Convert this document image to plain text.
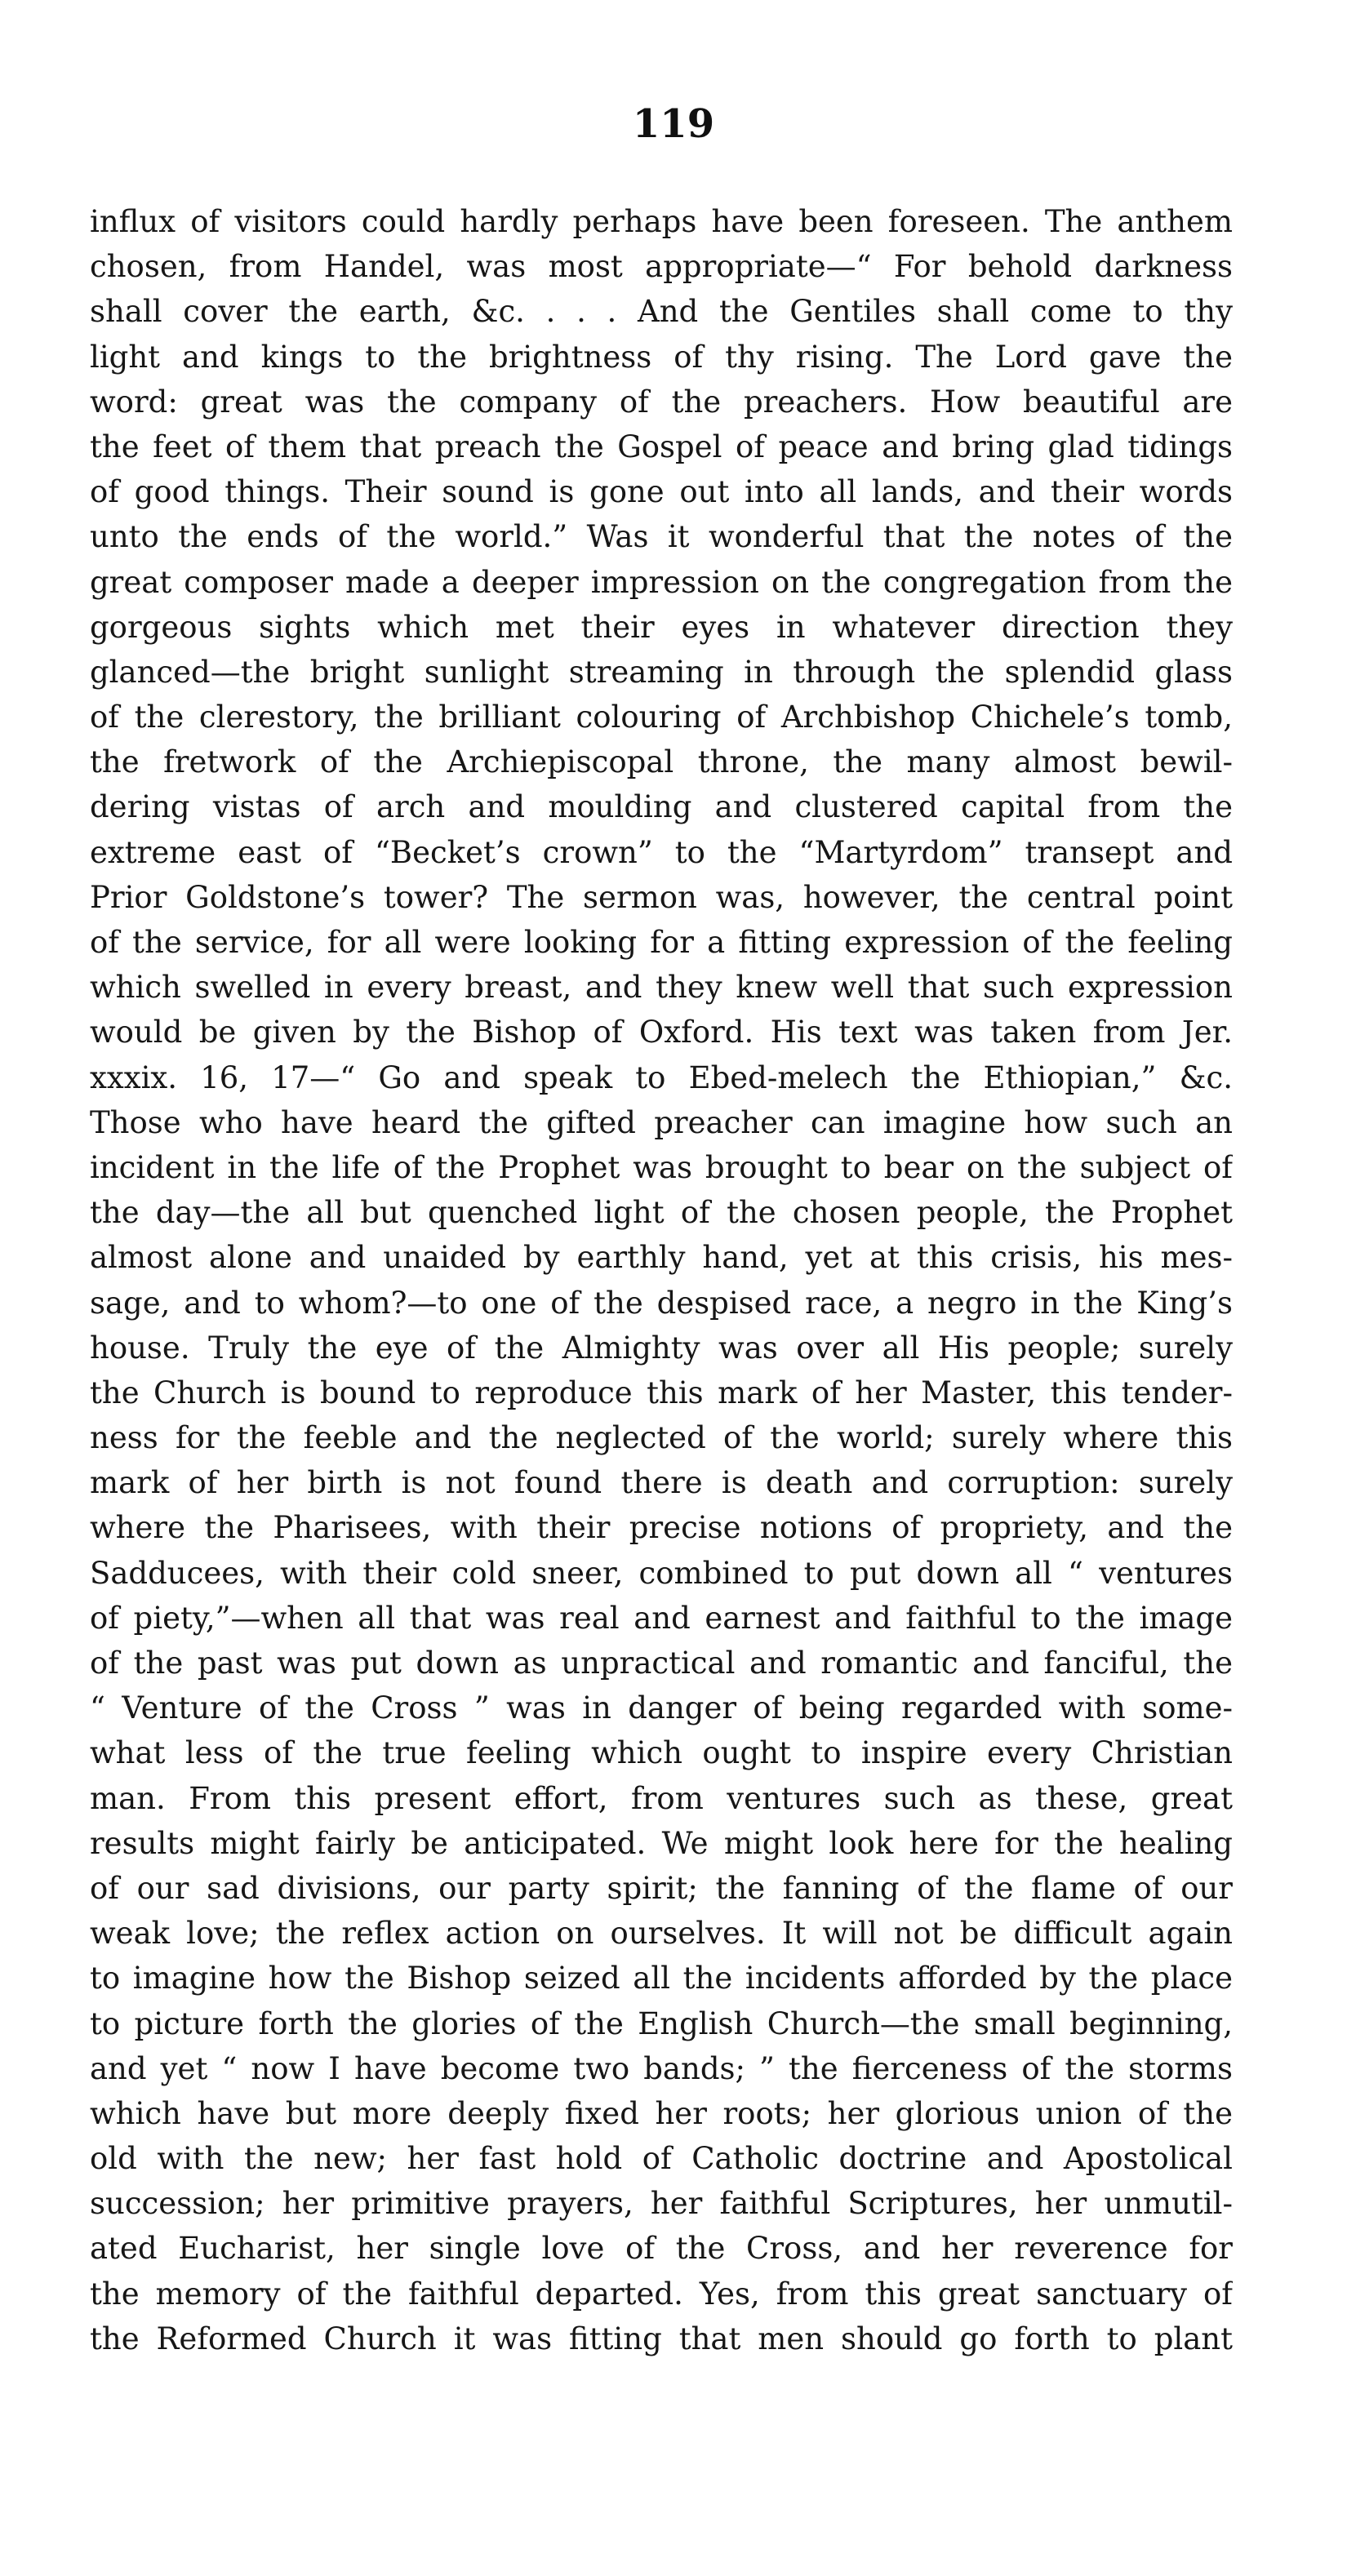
119
influx of visitors could hardly perhaps have been foreseen. The anthem
chosen, from Handel, was most appropriate—“ For behold darkness
shall cover the earth, &c. . . . And the Gentiles shall come to thy
light and kings to the brightness of thy rising. The Lord gave the
word: great was the company of the preachers. How beautiful are
the feet of them that preach the Gospel of peace and bring glad tidings
of good things. Their sound is gone out into all lands, and their words
unto the ends of the world.” Was it wonderful that the notes of the
great composer made a deeper impression on the congregation from the
gorgeous sights which met their eyes in whatever direction they
glanced—the bright sunlight streaming in through the splendid glass
of the clerestory, the brilliant colouring of Archbishop Chichele’s tomb,
the fretwork of the Archiepiscopal throne, the many almost bewil-
dering vistas of arch and moulding and clustered capital from the
extreme east of “Becket’s crown” to the “Martyrdom” transept and
Prior Goldstone’s tower? The sermon was, however, the central point
of the service, for all were looking for a fitting expression of the feeling
which swelled in every breast, and they knew well that such expression
would be given by the Bishop of Oxford. His text was taken from Jer.
xxxix. 16, 17—“ Go and speak to Ebed-melech the Ethiopian,” &c.
Those who have heard the gifted preacher can imagine how such an
incident in the life of the Prophet was brought to bear on the subject of
the day—the all but quenched light of the chosen people, the Prophet
almost alone and unaided by earthly hand, yet at this crisis, his mes-
sage, and to whom?—to one of the despised race, a negro in the King’s
house. Truly the eye of the Almighty was over all His people; surely
the Church is bound to reproduce this mark of her Master, this tender-
ness for the feeble and the neglected of the world; surely where this
mark of her birth is not found there is death and corruption: surely
where the Pharisees, with their precise notions of propriety, and the
Sadducees, with their cold sneer, combined to put down all “ ventures
of piety,”—when all that was real and earnest and faithful to the image
of the past was put down as unpractical and romantic and fanciful, the
“ Venture of the Cross ” was in danger of being regarded with some-
what less of the true feeling which ought to inspire every Christian
man. From this present effort, from ventures such as these, great
results might fairly be anticipated. We might look here for the healing
of our sad divisions, our party spirit; the fanning of the flame of our
weak love; the reflex action on ourselves. It will not be difficult again
to imagine how the Bishop seized all the incidents afforded by the place
to picture forth the glories of the English Church—the small beginning,
and yet “ now I have become two bands; ” the fierceness of the storms
which have but more deeply fixed her roots; her glorious union of the
old with the new; her fast hold of Catholic doctrine and Apostolical
succession; her primitive prayers, her faithful Scriptures, her unmutil-
ated Eucharist, her single love of the Cross, and her reverence for
the memory of the faithful departed. Yes, from this great sanctuary of
the Reformed Church it was fitting that men should go forth to plant
